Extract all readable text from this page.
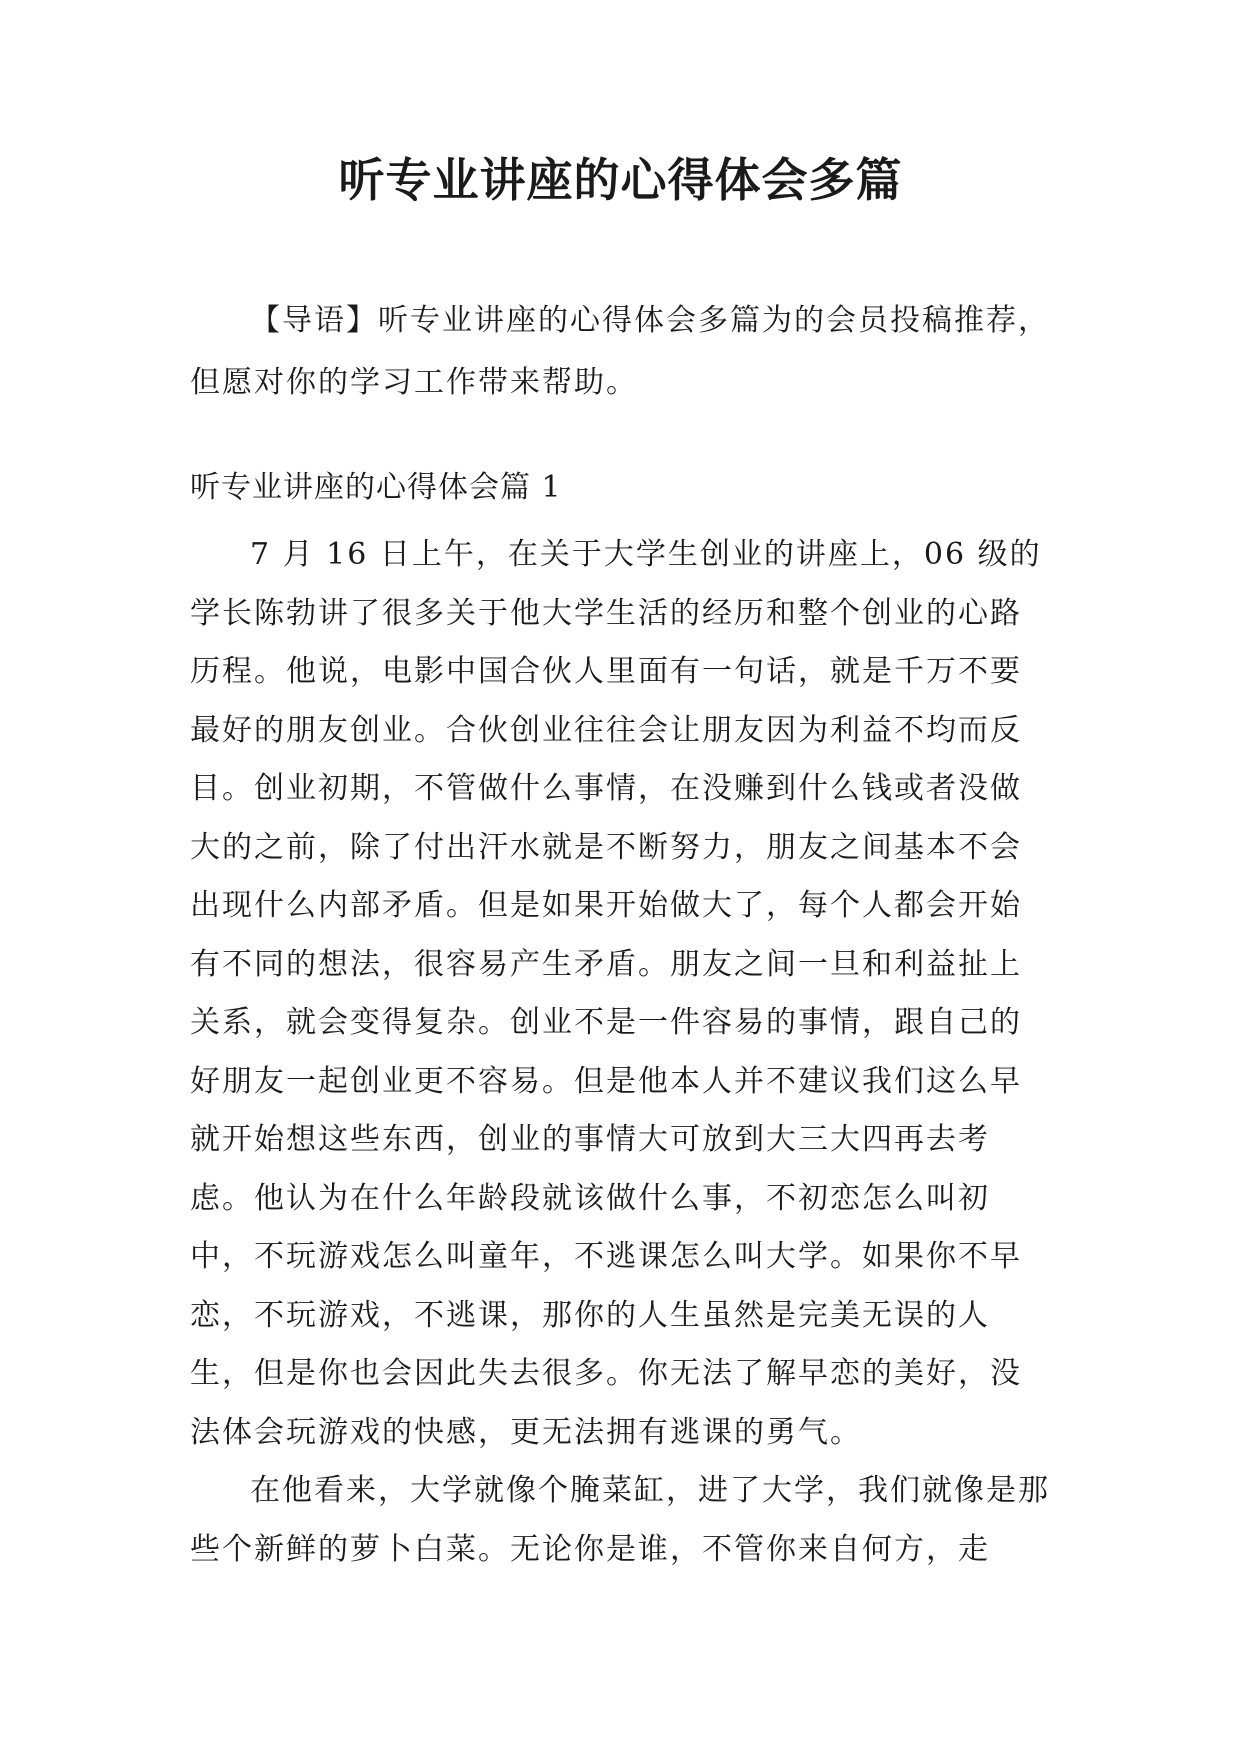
听专业讲座的心得体会多篇

【导语】听专业讲座的心得体会多篇为的会员投稿推荐，但愿对你的学习工作带来帮助。

听专业讲座的心得体会篇 1

7 月 16 日上午，在关于大学生创业的讲座上，06 级的学长陈勃讲了很多关于他大学生活的经历和整个创业的心路历程。他说，电影中国合伙人里面有一句话，就是千万不要最好的朋友创业。合伙创业往往会让朋友因为利益不均而反目。创业初期，不管做什么事情，在没赚到什么钱或者没做大的之前，除了付出汗水就是不断努力，朋友之间基本不会出现什么内部矛盾。但是如果开始做大了，每个人都会开始有不同的想法，很容易产生矛盾。朋友之间一旦和利益扯上关系，就会变得复杂。创业不是一件容易的事情，跟自己的好朋友一起创业更不容易。但是他本人并不建议我们这么早就开始想这些东西，创业的事情大可放到大三大四再去考虑。他认为在什么年龄段就该做什么事，不初恋怎么叫初中，不玩游戏怎么叫童年，不逃课怎么叫大学。如果你不早恋，不玩游戏，不逃课，那你的人生虽然是完美无误的人生，但是你也会因此失去很多。你无法了解早恋的美好，没法体会玩游戏的快感，更无法拥有逃课的勇气。

在他看来，大学就像个腌菜缸，进了大学，我们就像是那些个新鲜的萝卜白菜。无论你是谁，不管你来自何方，走
